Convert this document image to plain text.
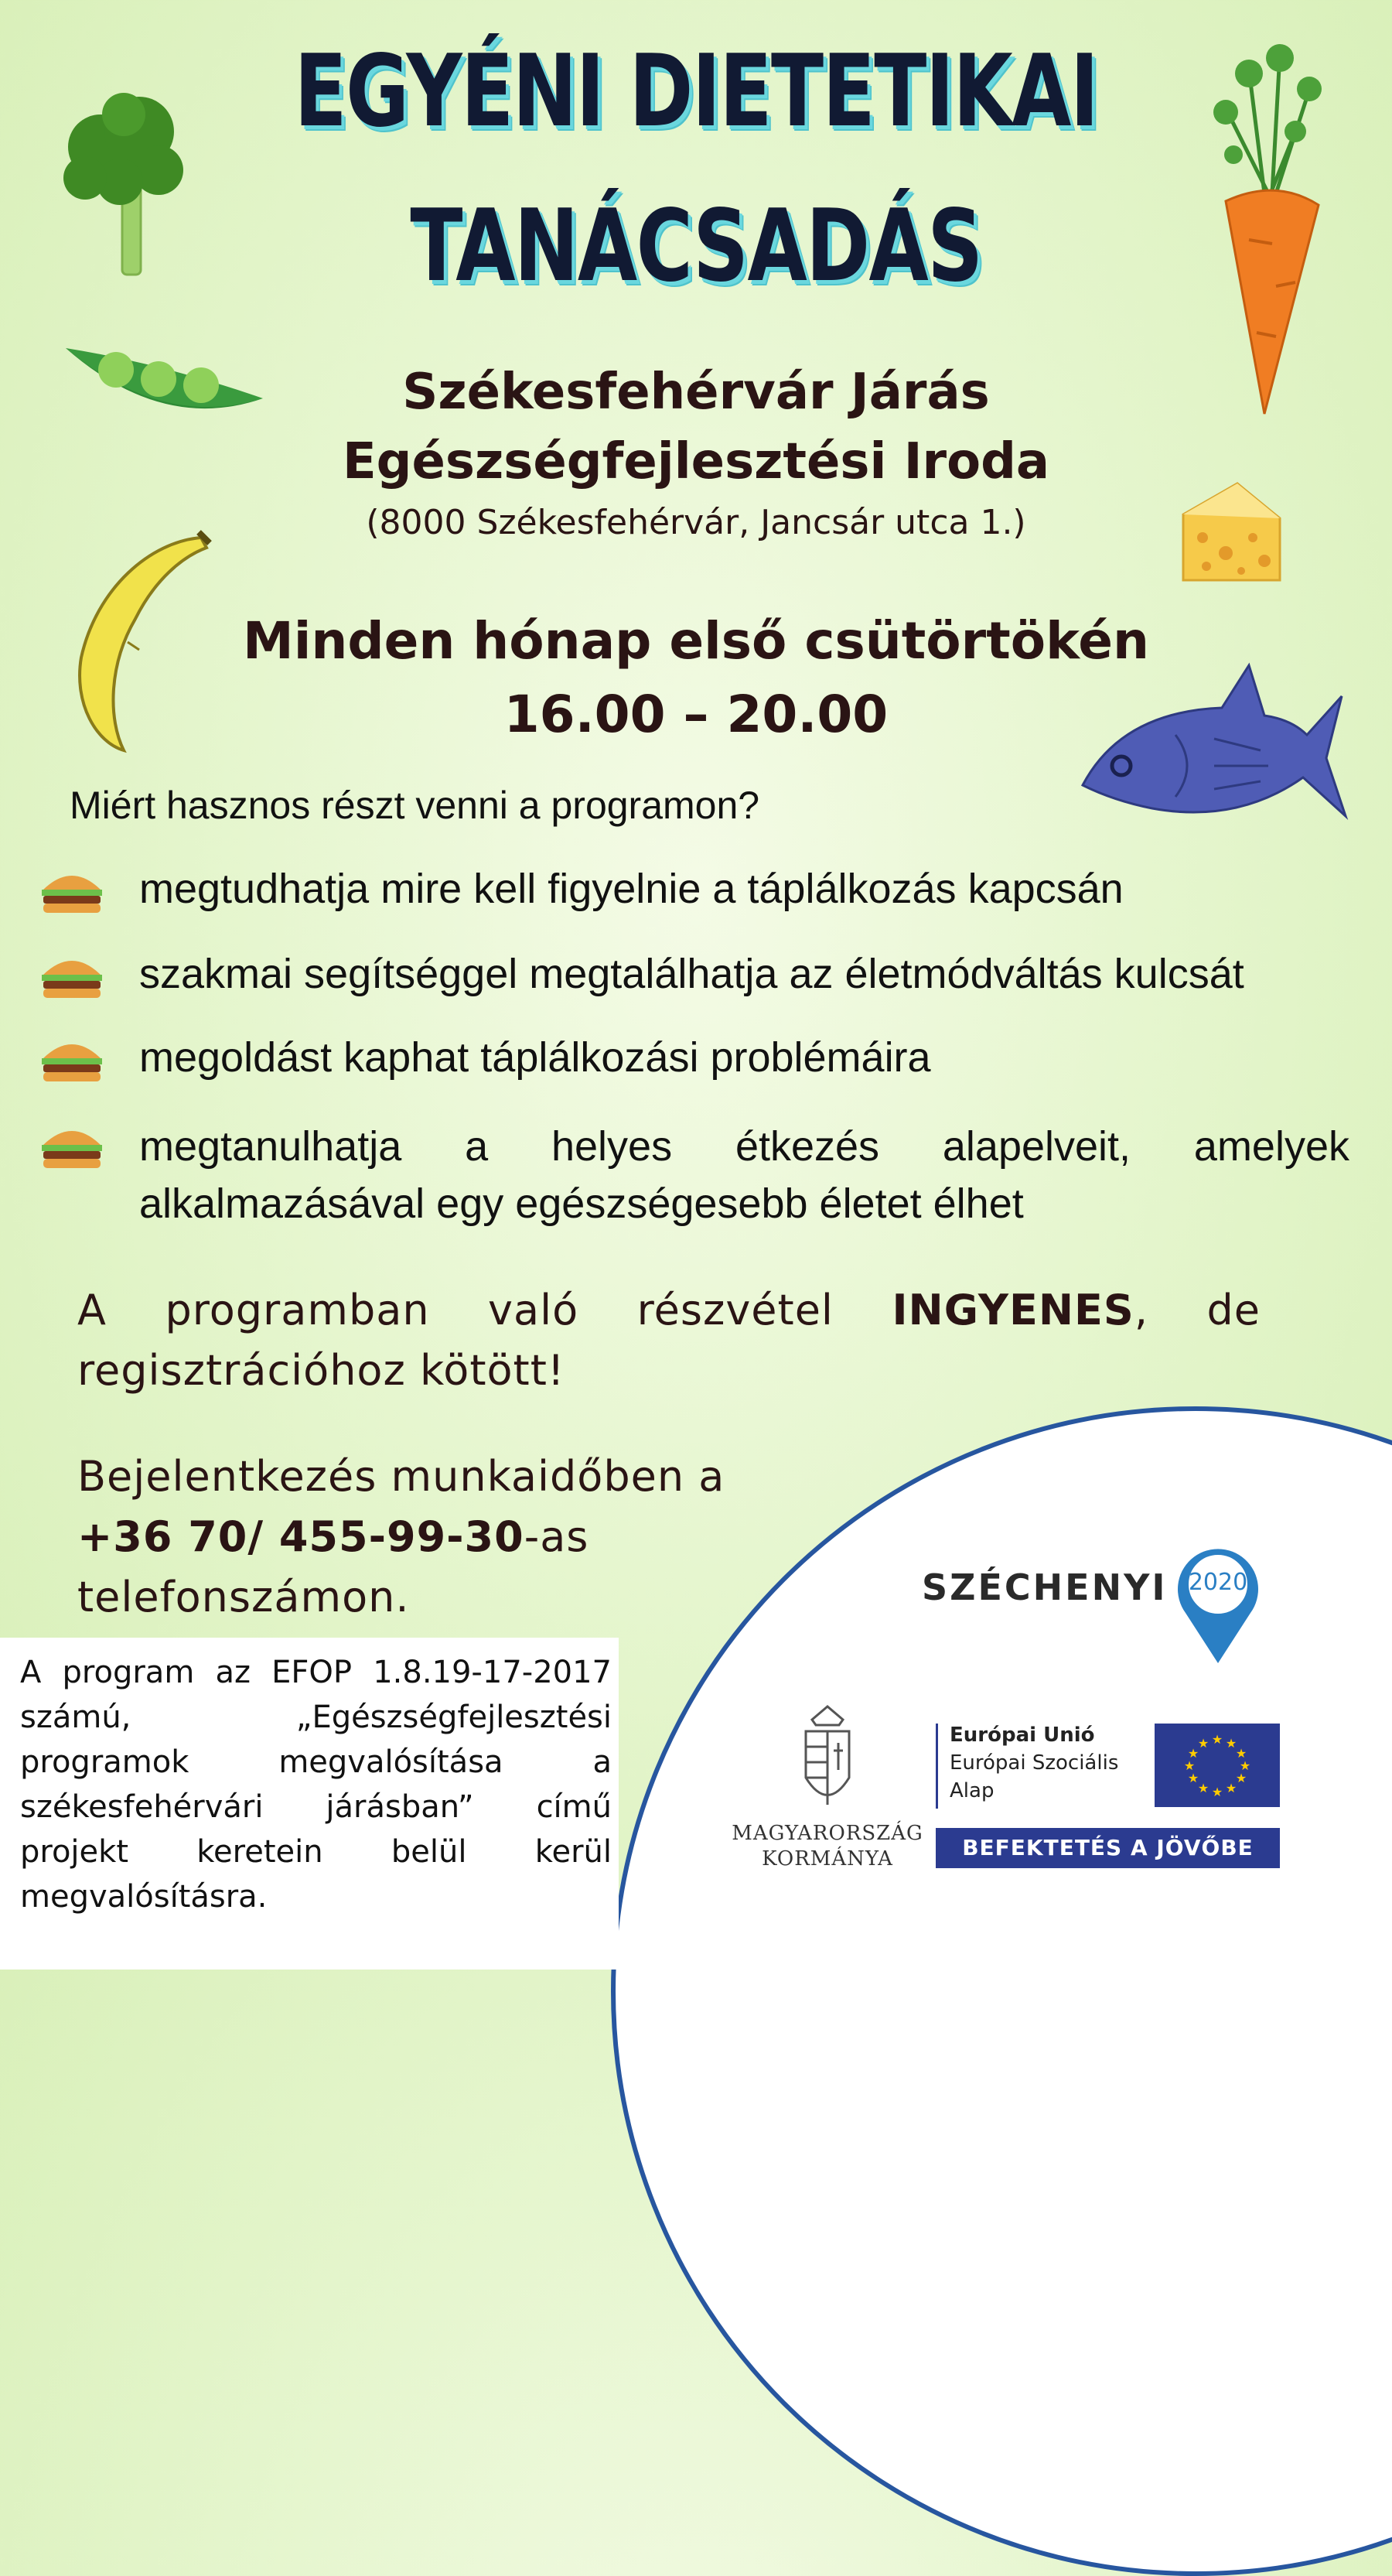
EGYÉNI DIETETIKAI
TANÁCSADÁS
Székesfehérvár Járás
Egészségfejlesztési Iroda
(8000 Székesfehérvár, Jancsár utca 1.)
Minden hónap első csütörtökén
16.00 – 20.00
Miért hasznos részt venni a programon?
megtudhatja mire kell figyelnie a táplálkozás kapcsán
szakmai segítséggel megtalálhatja az életmódváltás kulcsát
megoldást kaphat táplálkozási problémáira
megtanulhatja a helyes étkezés alapelveit, amelyek alkalmazásával egy egészségesebb életet élhet
A programban való részvétel INGYENES, de regisztrációhoz kötött!
Bejelentkezés munkaidőben a +36 70/ 455-99-30-as telefonszámon.
A program az EFOP 1.8.19-17-2017 számú, „Egészségfejlesztési programok megvalósítása a székesfehérvári járásban” című projekt keretein belül kerül megvalósításra.
SZÉCHENYI 2020
MAGYARORSZÁG
KORMÁNYA
Európai Unió
Európai Szociális
Alap
★ ★
★
★
★
★
★
★
★
★
★
★
BEFEKTETÉS A JÖVŐBE
